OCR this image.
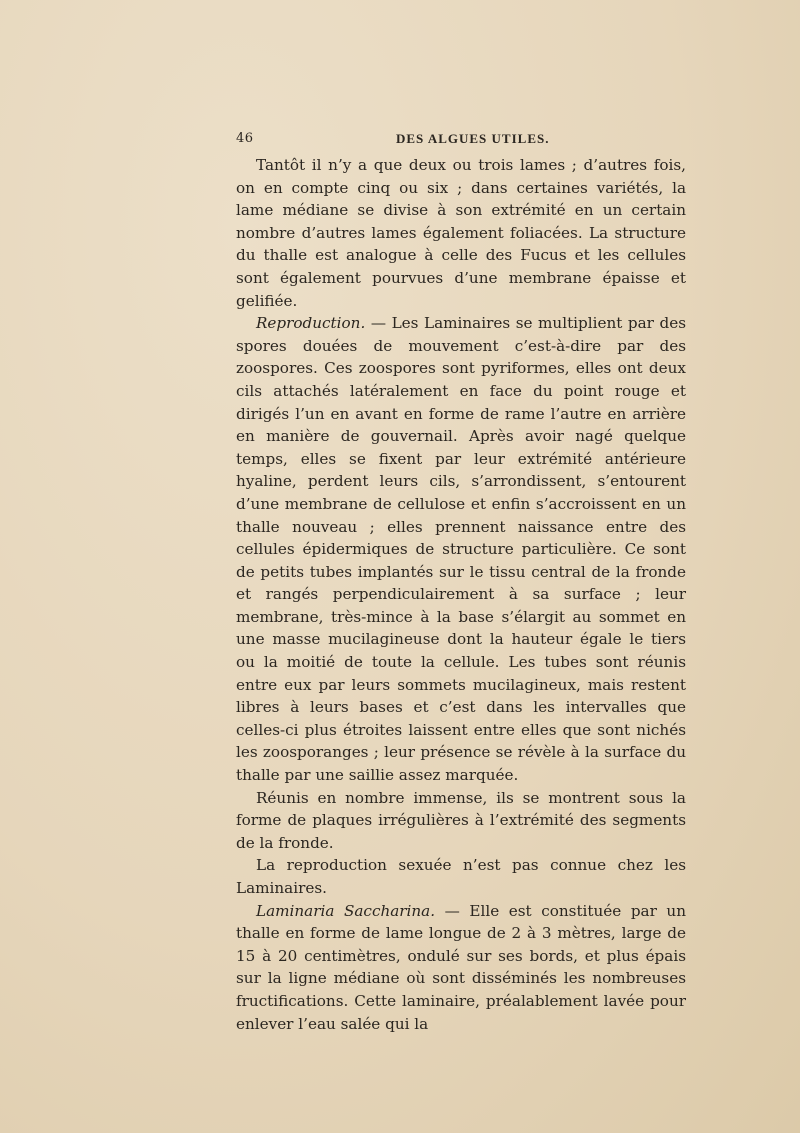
46	DES ALGUES UTILES.

Tantôt il n’y a que deux ou trois lames ; d’autres fois, on en compte cinq ou six ; dans certaines variétés, la lame médiane se divise à son extrémité en un certain nombre d’autres lames également foliacées. La structure du thalle est analogue à celle des Fucus et les cellules sont également pourvues d’une membrane épaisse et gelifiée.

Reproduction. — Les Laminaires se multiplient par des spores douées de mouvement c’est-à-dire par des zoospores. Ces zoospores sont pyriformes, elles ont deux cils attachés latéralement en face du point rouge et dirigés l’un en avant en forme de rame l’autre en arrière en manière de gouvernail. Après avoir nagé quelque temps, elles se fixent par leur extrémité antérieure hyaline, perdent leurs cils, s’arrondissent, s’entourent d’une membrane de cellulose et enfin s’accroissent en un thalle nouveau ; elles prennent naissance entre des cellules épidermiques de structure particulière. Ce sont de petits tubes implantés sur le tissu central de la fronde et rangés perpendiculairement à sa surface ; leur membrane, très-mince à la base s’élargit au sommet en une masse mucilagineuse dont la hauteur égale le tiers ou la moitié de toute la cellule. Les tubes sont réunis entre eux par leurs sommets mucilagineux, mais restent libres à leurs bases et c’est dans les intervalles que celles-ci plus étroites laissent entre elles que sont nichés les zoosporanges ; leur présence se révèle à la surface du thalle par une saillie assez marquée.

Réunis en nombre immense, ils se montrent sous la forme de plaques irrégulières à l’extrémité des segments de la fronde.

La reproduction sexuée n’est pas connue chez les Laminaires.

Laminaria Saccharina. — Elle est constituée par un thalle en forme de lame longue de 2 à 3 mètres, large de 15 à 20 centimètres, ondulé sur ses bords, et plus épais sur la ligne médiane où sont disséminés les nombreuses fructifications. Cette laminaire, préalablement lavée pour enlever l’eau salée qui la
